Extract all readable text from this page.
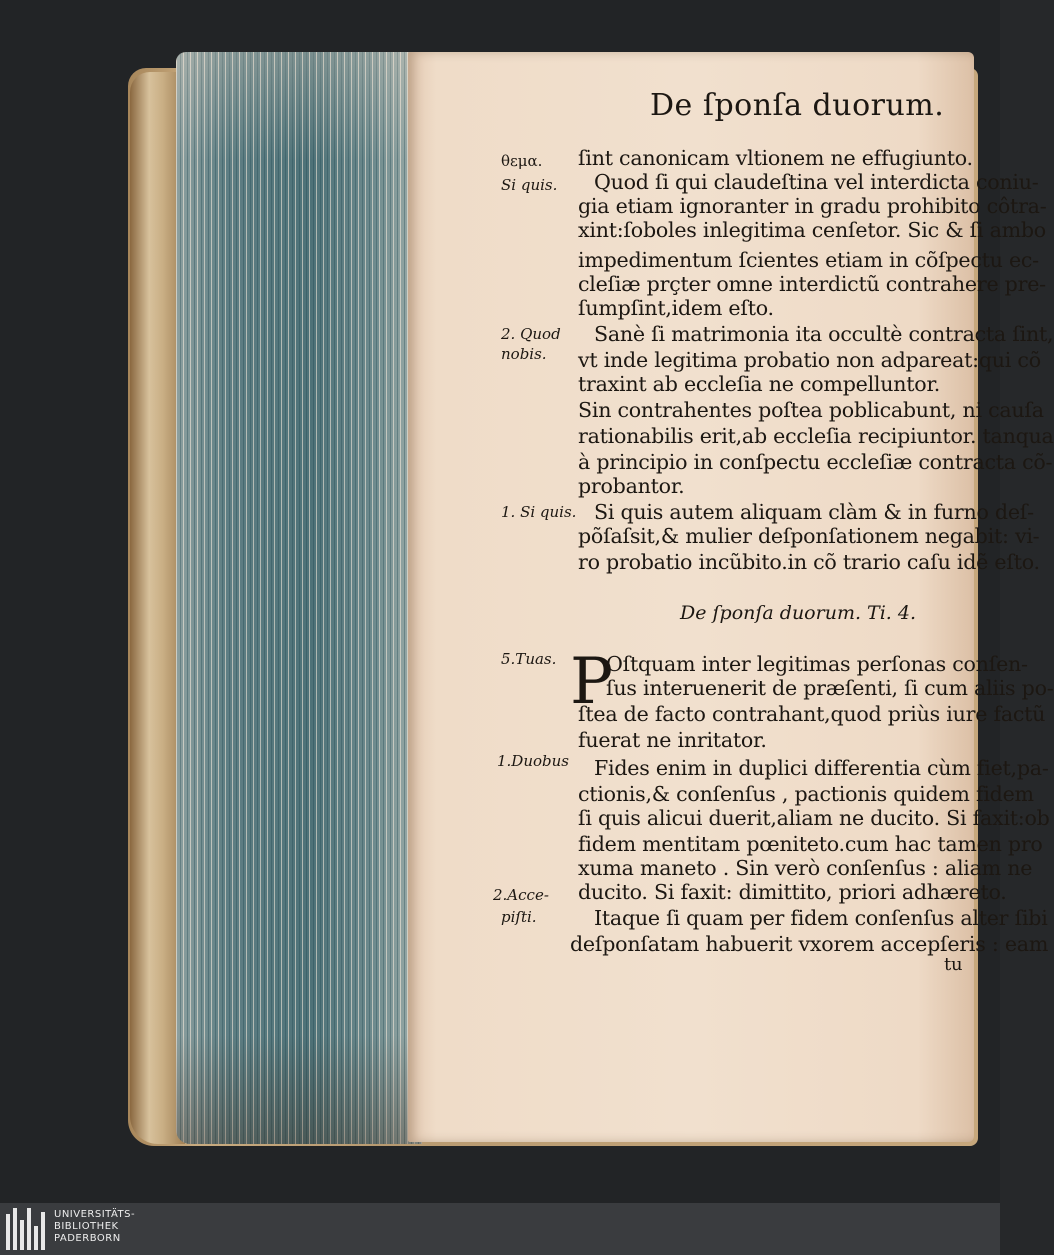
De ſponſa duorum.
θεμα.
Si quis.
2. Quod
nobis.
1. Si quis.
5.Tuas.
1.Duobus
2.Acce-
piſti.
ſint canonicam vltionem ne effugiunto.
Quod ſi qui claudeſtina vel interdicta coniu-
gia etiam ignoranter in gradu prohibito côtra-
xint:ſoboles inlegitima cenſetor. Sic & ſi ambo
impedimentum ſcientes etiam in cõſpectu ec-
cleſiæ prçter omne interdictũ contrahere pre-
ſumpſint,idem eſto.
Sanè ſi matrimonia ita occultè contracta ſint,
vt inde legitima probatio non adpareat:qui cõ
traxint ab eccleſia ne compelluntor.
Sin contrahentes poſtea poblicabunt, ni cauſa
rationabilis erit,ab eccleſia recipiuntor. tanqua
à principio in conſpectu eccleſiæ contracta cõ-
probantor.
Si quis autem aliquam clàm & in furno deſ-
põſaſsit,& mulier deſponſationem negabit: vi-
ro probatio incũbito.in cõ trario caſu idẽ eſto.
De ſponſa duorum. Ti. 4.
P
Oſtquam inter legitimas perſonas conſen-
ſus interuenerit de præſenti, ſi cum aliis po-
ſtea de facto contrahant,quod priùs iure factũ
fuerat ne inritator.
Fides enim in duplici differentia cùm fiet,pa-
ctionis,& conſenſus , pactionis quidem fidem
ſi quis alicui duerit,aliam ne ducito. Si faxit:ob
fidem mentitam pœniteto.cum hac tamen pro
xuma maneto . Sin verò conſenſus : aliam ne
ducito. Si faxit: dimittito, priori adhæreto.
Itaque ſi quam per fidem conſenſus alter ſibi
deſponſatam habuerit vxorem accepſeris : eam
tu
UNIVERSITÄTS-
BIBLIOTHEK
PADERBORN
